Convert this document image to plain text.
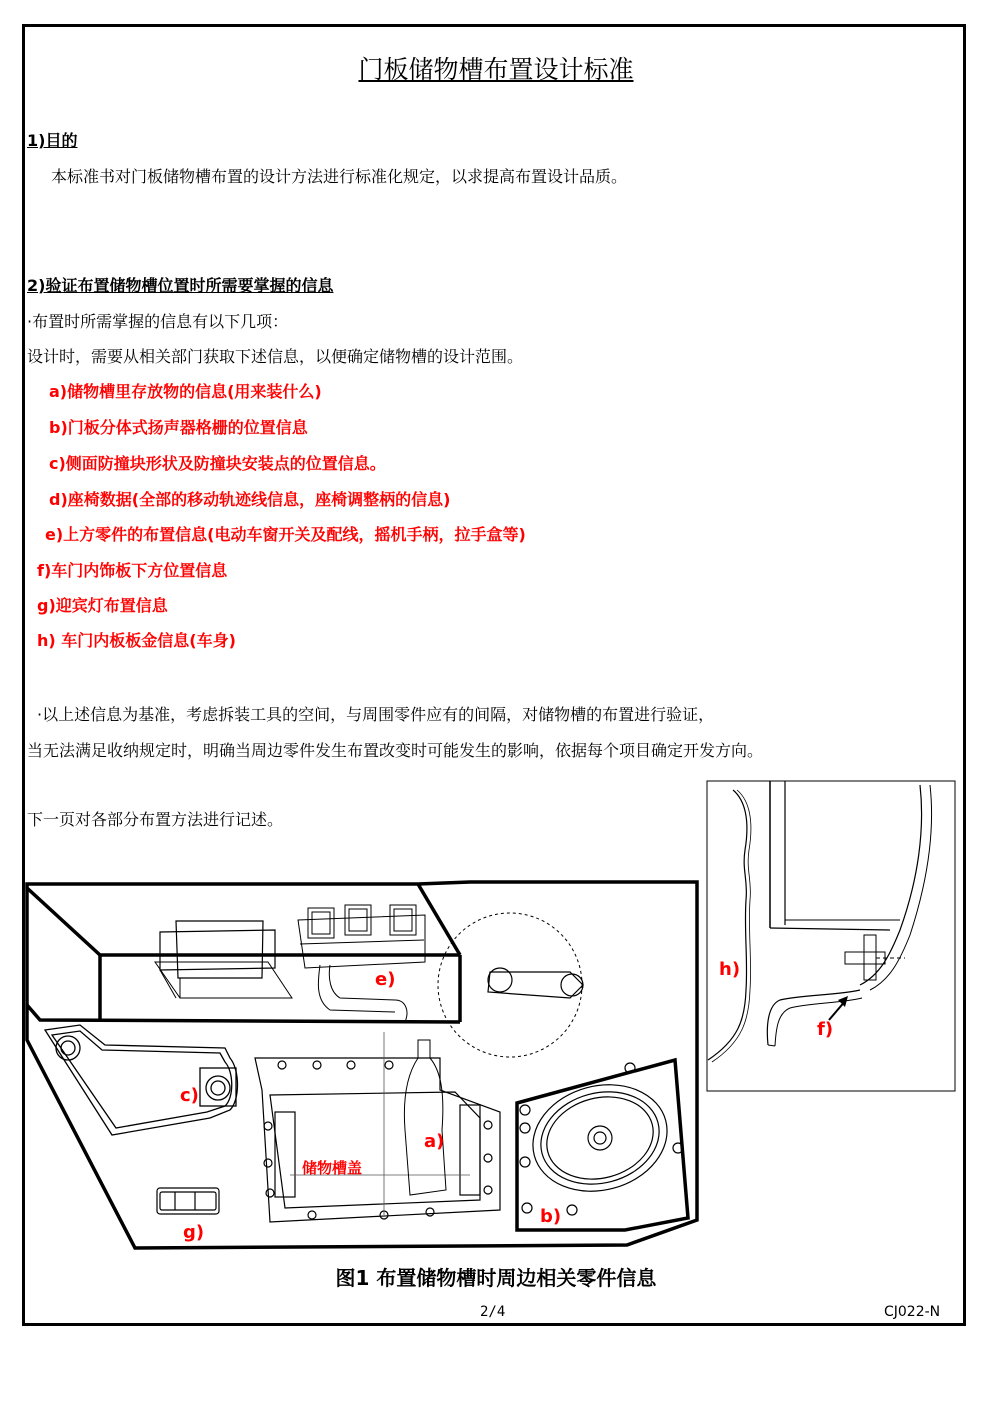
门板储物槽布置设计标准
1)目的
本标准书对门板储物槽布置的设计方法进行标准化规定，以求提高布置设计品质。
2)验证布置储物槽位置时所需要掌握的信息
·布置时所需掌握的信息有以下几项：
设计时，需要从相关部门获取下述信息，以便确定储物槽的设计范围。
a)储物槽里存放物的信息(用来装什么)
b)门板分体式扬声器格栅的位置信息
c)侧面防撞块形状及防撞块安装点的位置信息。
d)座椅数据(全部的移动轨迹线信息，座椅调整柄的信息)
e)上方零件的布置信息(电动车窗开关及配线，摇机手柄，拉手盒等)
f)车门内饰板下方位置信息
g)迎宾灯布置信息
h) 车门内板板金信息(车身)
·以上述信息为基准，考虑拆装工具的空间，与周围零件应有的间隔，对储物槽的布置进行验证，
当无法满足收纳规定时，明确当周边零件发生布置改变时可能发生的影响，依据每个项目确定开发方向。
下一页对各部分布置方法进行记述。
h)
f)
e)
c)
a)
b)
g)
储物槽盖
图1 布置储物槽时周边相关零件信息
2/4	CJ022-N
